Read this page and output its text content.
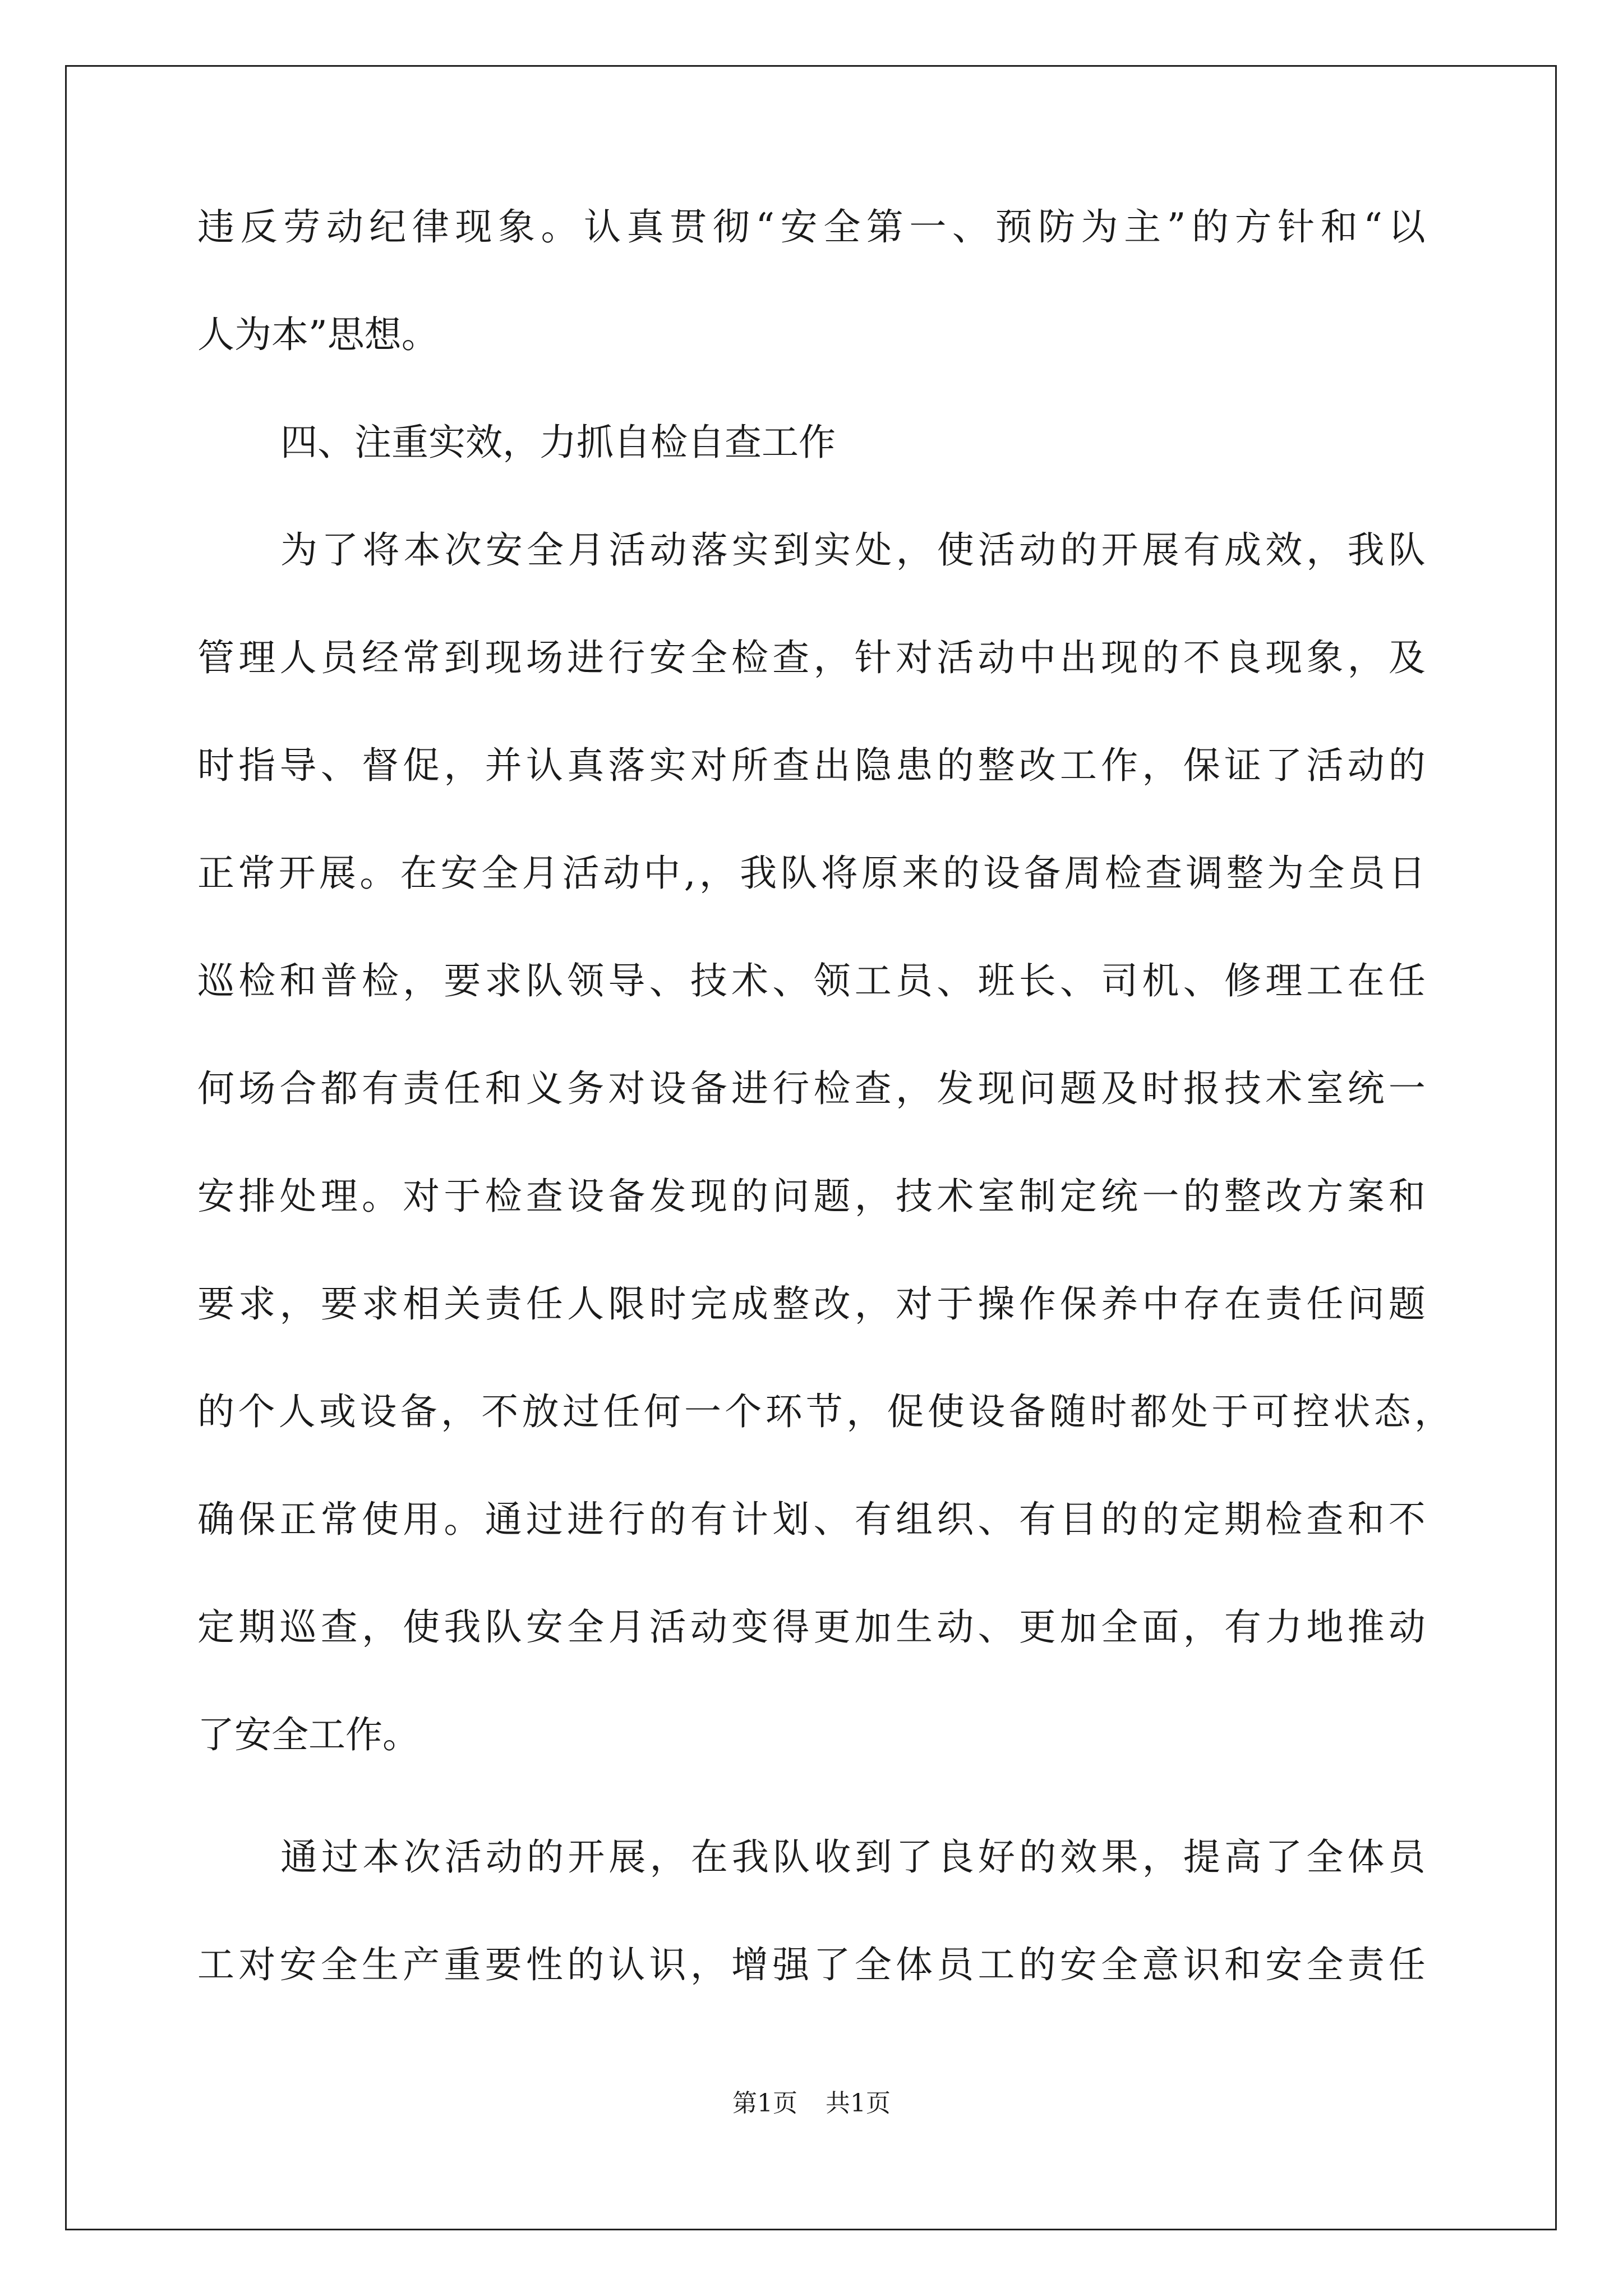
违 反 劳 动 纪 律 现 象 。 认 真 贯 彻 “ 安 全 第 一 、 预 防 为 主 ” 的 方 针 和 “ 以
人为本”思想。
四、注重实效，力抓自检自查工作
为 了 将 本 次 安 全 月 活 动 落 实 到 实 处 ， 使 活 动 的 开 展 有 成 效 ， 我 队
管 理 人 员 经 常 到 现 场 进 行 安 全 检 查 ， 针 对 活 动 中 出 现 的 不 良 现 象 ， 及
时 指 导 、 督 促 ， 并 认 真 落 实 对 所 查 出 隐 患 的 整 改 工 作 ， 保 证 了 活 动 的
正 常 开 展 。 在 安 全 月 活 动 中 , ， 我 队 将 原 来 的 设 备 周 检 查 调 整 为 全 员 日
巡 检 和 普 检 ， 要 求 队 领 导 、 技 术 、 领 工 员 、 班 长 、 司 机 、 修 理 工 在 任
何 场 合 都 有 责 任 和 义 务 对 设 备 进 行 检 查 ， 发 现 问 题 及 时 报 技 术 室 统 一
安 排 处 理 。 对 于 检 查 设 备 发 现 的 问 题 ， 技 术 室 制 定 统 一 的 整 改 方 案 和
要 求 ， 要 求 相 关 责 任 人 限 时 完 成 整 改 ， 对 于 操 作 保 养 中 存 在 责 任 问 题
的 个 人 或 设 备 ， 不 放 过 任 何 一 个 环 节 ， 促 使 设 备 随 时 都 处 于 可 控 状 态 ，
确 保 正 常 使 用 。 通 过 进 行 的 有 计 划 、 有 组 织 、 有 目 的 的 定 期 检 查 和 不
定 期 巡 查 ， 使 我 队 安 全 月 活 动 变 得 更 加 生 动 、 更 加 全 面 ， 有 力 地 推 动
了安全工作。
通 过 本 次 活 动 的 开 展 ， 在 我 队 收 到 了 良 好 的 效 果 ， 提 高 了 全 体 员
工 对 安 全 生 产 重 要 性 的 认 识 ， 增 强 了 全 体 员 工 的 安 全 意 识 和 安 全 责 任
第1页 共1页
